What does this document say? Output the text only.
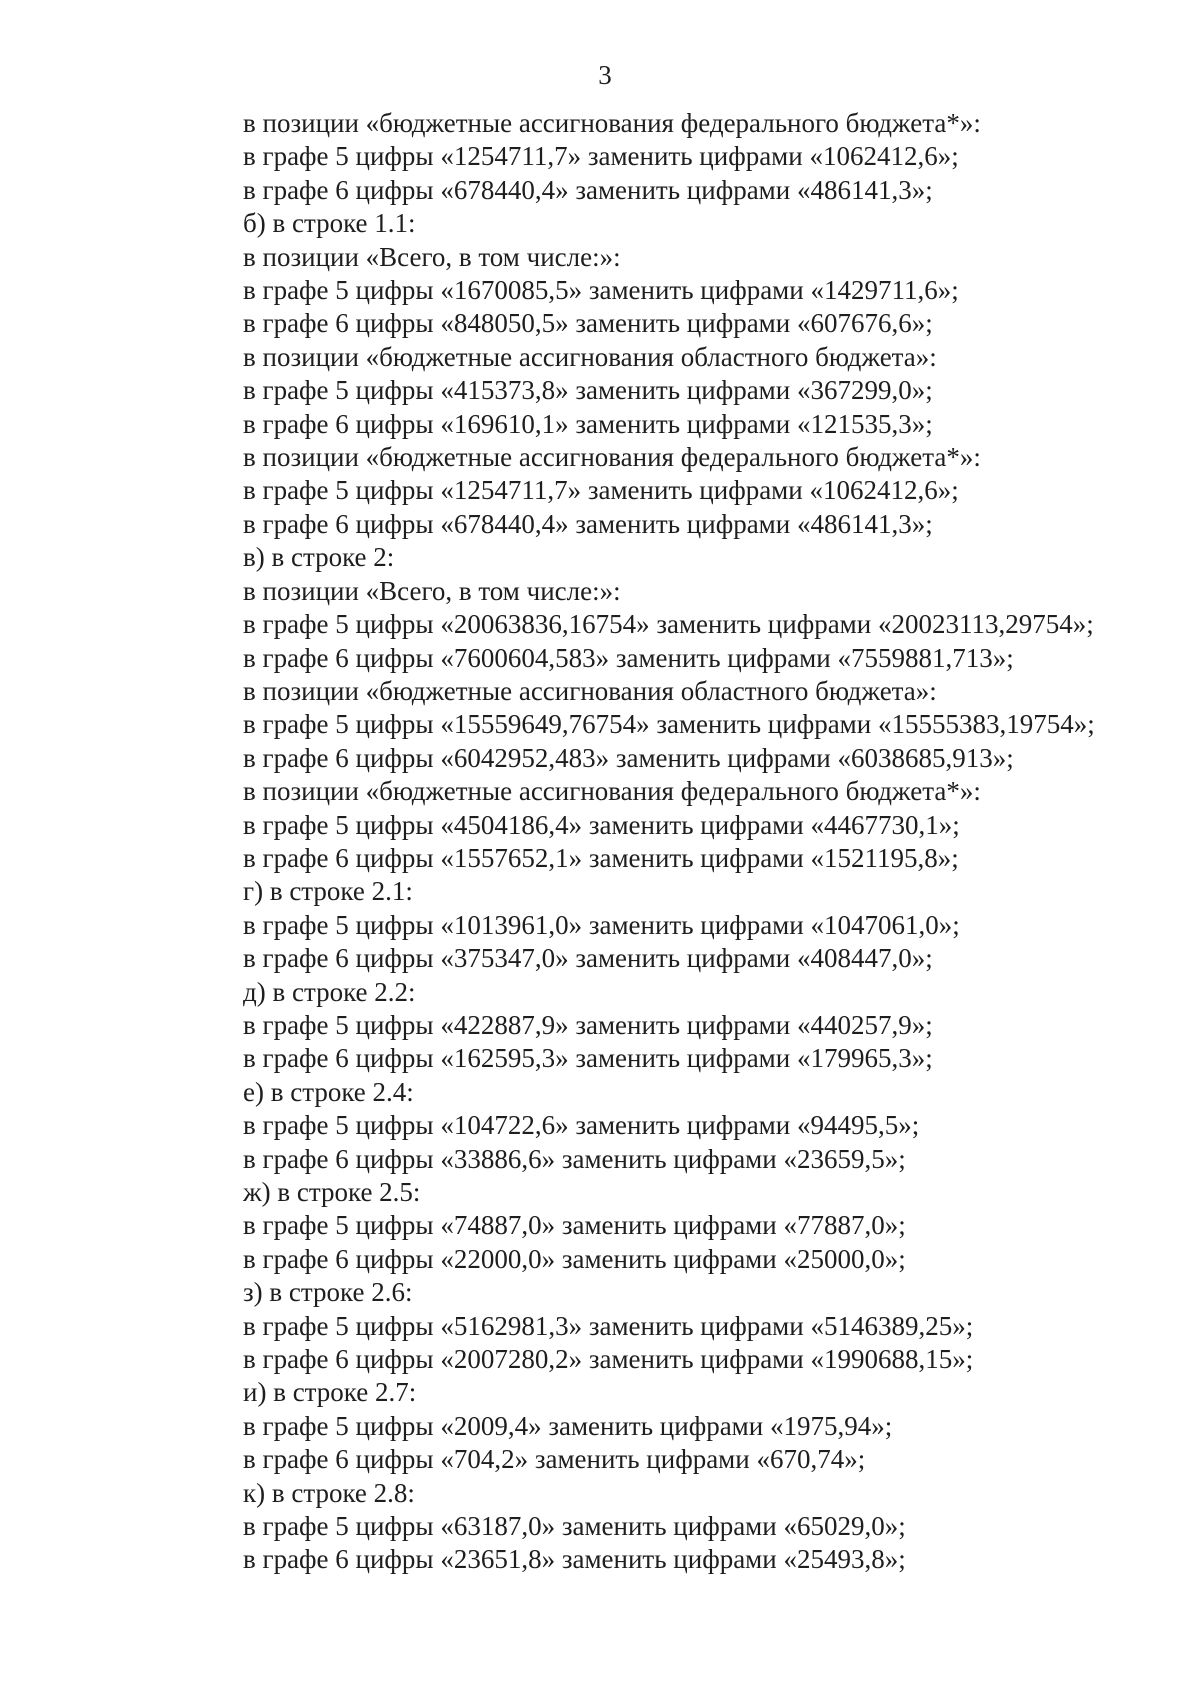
3
в позиции «бюджетные ассигнования федерального бюджета*»:
в графе 5 цифры «1254711,7» заменить цифрами «1062412,6»;
в графе 6 цифры «678440,4» заменить цифрами «486141,3»;
б) в строке 1.1:
в позиции «Всего, в том числе:»:
в графе 5 цифры «1670085,5» заменить цифрами «1429711,6»;
в графе 6 цифры «848050,5» заменить цифрами «607676,6»;
в позиции «бюджетные ассигнования областного бюджета»:
в графе 5 цифры «415373,8» заменить цифрами «367299,0»;
в графе 6 цифры «169610,1» заменить цифрами «121535,3»;
в позиции «бюджетные ассигнования федерального бюджета*»:
в графе 5 цифры «1254711,7» заменить цифрами «1062412,6»;
в графе 6 цифры «678440,4» заменить цифрами «486141,3»;
в) в строке 2:
в позиции «Всего, в том числе:»:
в графе 5 цифры «20063836,16754» заменить цифрами «20023113,29754»;
в графе 6 цифры «7600604,583» заменить цифрами «7559881,713»;
в позиции «бюджетные ассигнования областного бюджета»:
в графе 5 цифры «15559649,76754» заменить цифрами «15555383,19754»;
в графе 6 цифры «6042952,483» заменить цифрами «6038685,913»;
в позиции «бюджетные ассигнования федерального бюджета*»:
в графе 5 цифры «4504186,4» заменить цифрами «4467730,1»;
в графе 6 цифры «1557652,1» заменить цифрами «1521195,8»;
г) в строке 2.1:
в графе 5 цифры «1013961,0» заменить цифрами «1047061,0»;
в графе 6 цифры «375347,0» заменить цифрами «408447,0»;
д) в строке 2.2:
в графе 5 цифры «422887,9» заменить цифрами «440257,9»;
в графе 6 цифры «162595,3» заменить цифрами «179965,3»;
е) в строке 2.4:
в графе 5 цифры «104722,6» заменить цифрами «94495,5»;
в графе 6 цифры «33886,6» заменить цифрами «23659,5»;
ж) в строке 2.5:
в графе 5 цифры «74887,0» заменить цифрами «77887,0»;
в графе 6 цифры «22000,0» заменить цифрами «25000,0»;
з) в строке 2.6:
в графе 5 цифры «5162981,3» заменить цифрами «5146389,25»;
в графе 6 цифры «2007280,2» заменить цифрами «1990688,15»;
и) в строке 2.7:
в графе 5 цифры «2009,4» заменить цифрами «1975,94»;
в графе 6 цифры «704,2» заменить цифрами «670,74»;
к) в строке 2.8:
в графе 5 цифры «63187,0» заменить цифрами «65029,0»;
в графе 6 цифры «23651,8» заменить цифрами «25493,8»;
